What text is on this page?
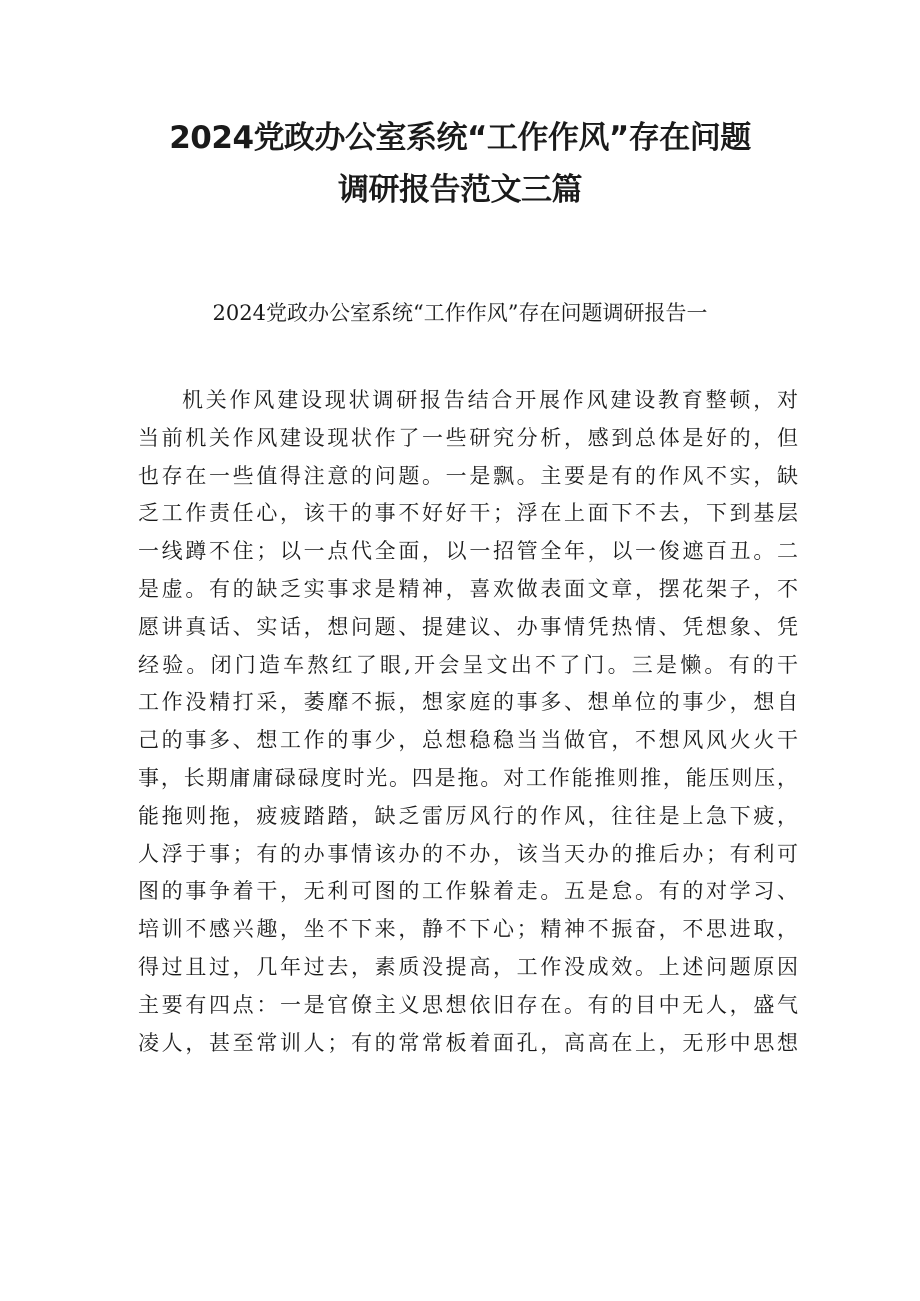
2024党政办公室系统“工作作风”存在问题
调研报告范文三篇
2024党政办公室系统“工作作风”存在问题调研报告一
机关作风建设现状调研报告结合开展作风建设教育整顿，对
当前机关作风建设现状作了一些研究分析，感到总体是好的，但
也存在一些值得注意的问题。一是飘。主要是有的作风不实，缺
乏工作责任心，该干的事不好好干；浮在上面下不去，下到基层
一线蹲不住；以一点代全面，以一招管全年，以一俊遮百丑。二
是虚。有的缺乏实事求是精神，喜欢做表面文章，摆花架子，不
愿讲真话、实话，想问题、提建议、办事情凭热情、凭想象、凭
经验。闭门造车熬红了眼,开会呈文出不了门。三是懒。有的干
工作没精打采，萎靡不振，想家庭的事多、想单位的事少，想自
己的事多、想工作的事少，总想稳稳当当做官，不想风风火火干
事，长期庸庸碌碌度时光。四是拖。对工作能推则推，能压则压，
能拖则拖，疲疲踏踏，缺乏雷厉风行的作风，往往是上急下疲，
人浮于事；有的办事情该办的不办，该当天办的推后办；有利可
图的事争着干，无利可图的工作躲着走。五是怠。有的对学习、
培训不感兴趣，坐不下来，静不下心；精神不振奋，不思进取，
得过且过，几年过去，素质没提高，工作没成效。上述问题原因
主要有四点：一是官僚主义思想依旧存在。有的目中无人，盛气
凌人，甚至常训人；有的常常板着面孔，高高在上，无形中思想
